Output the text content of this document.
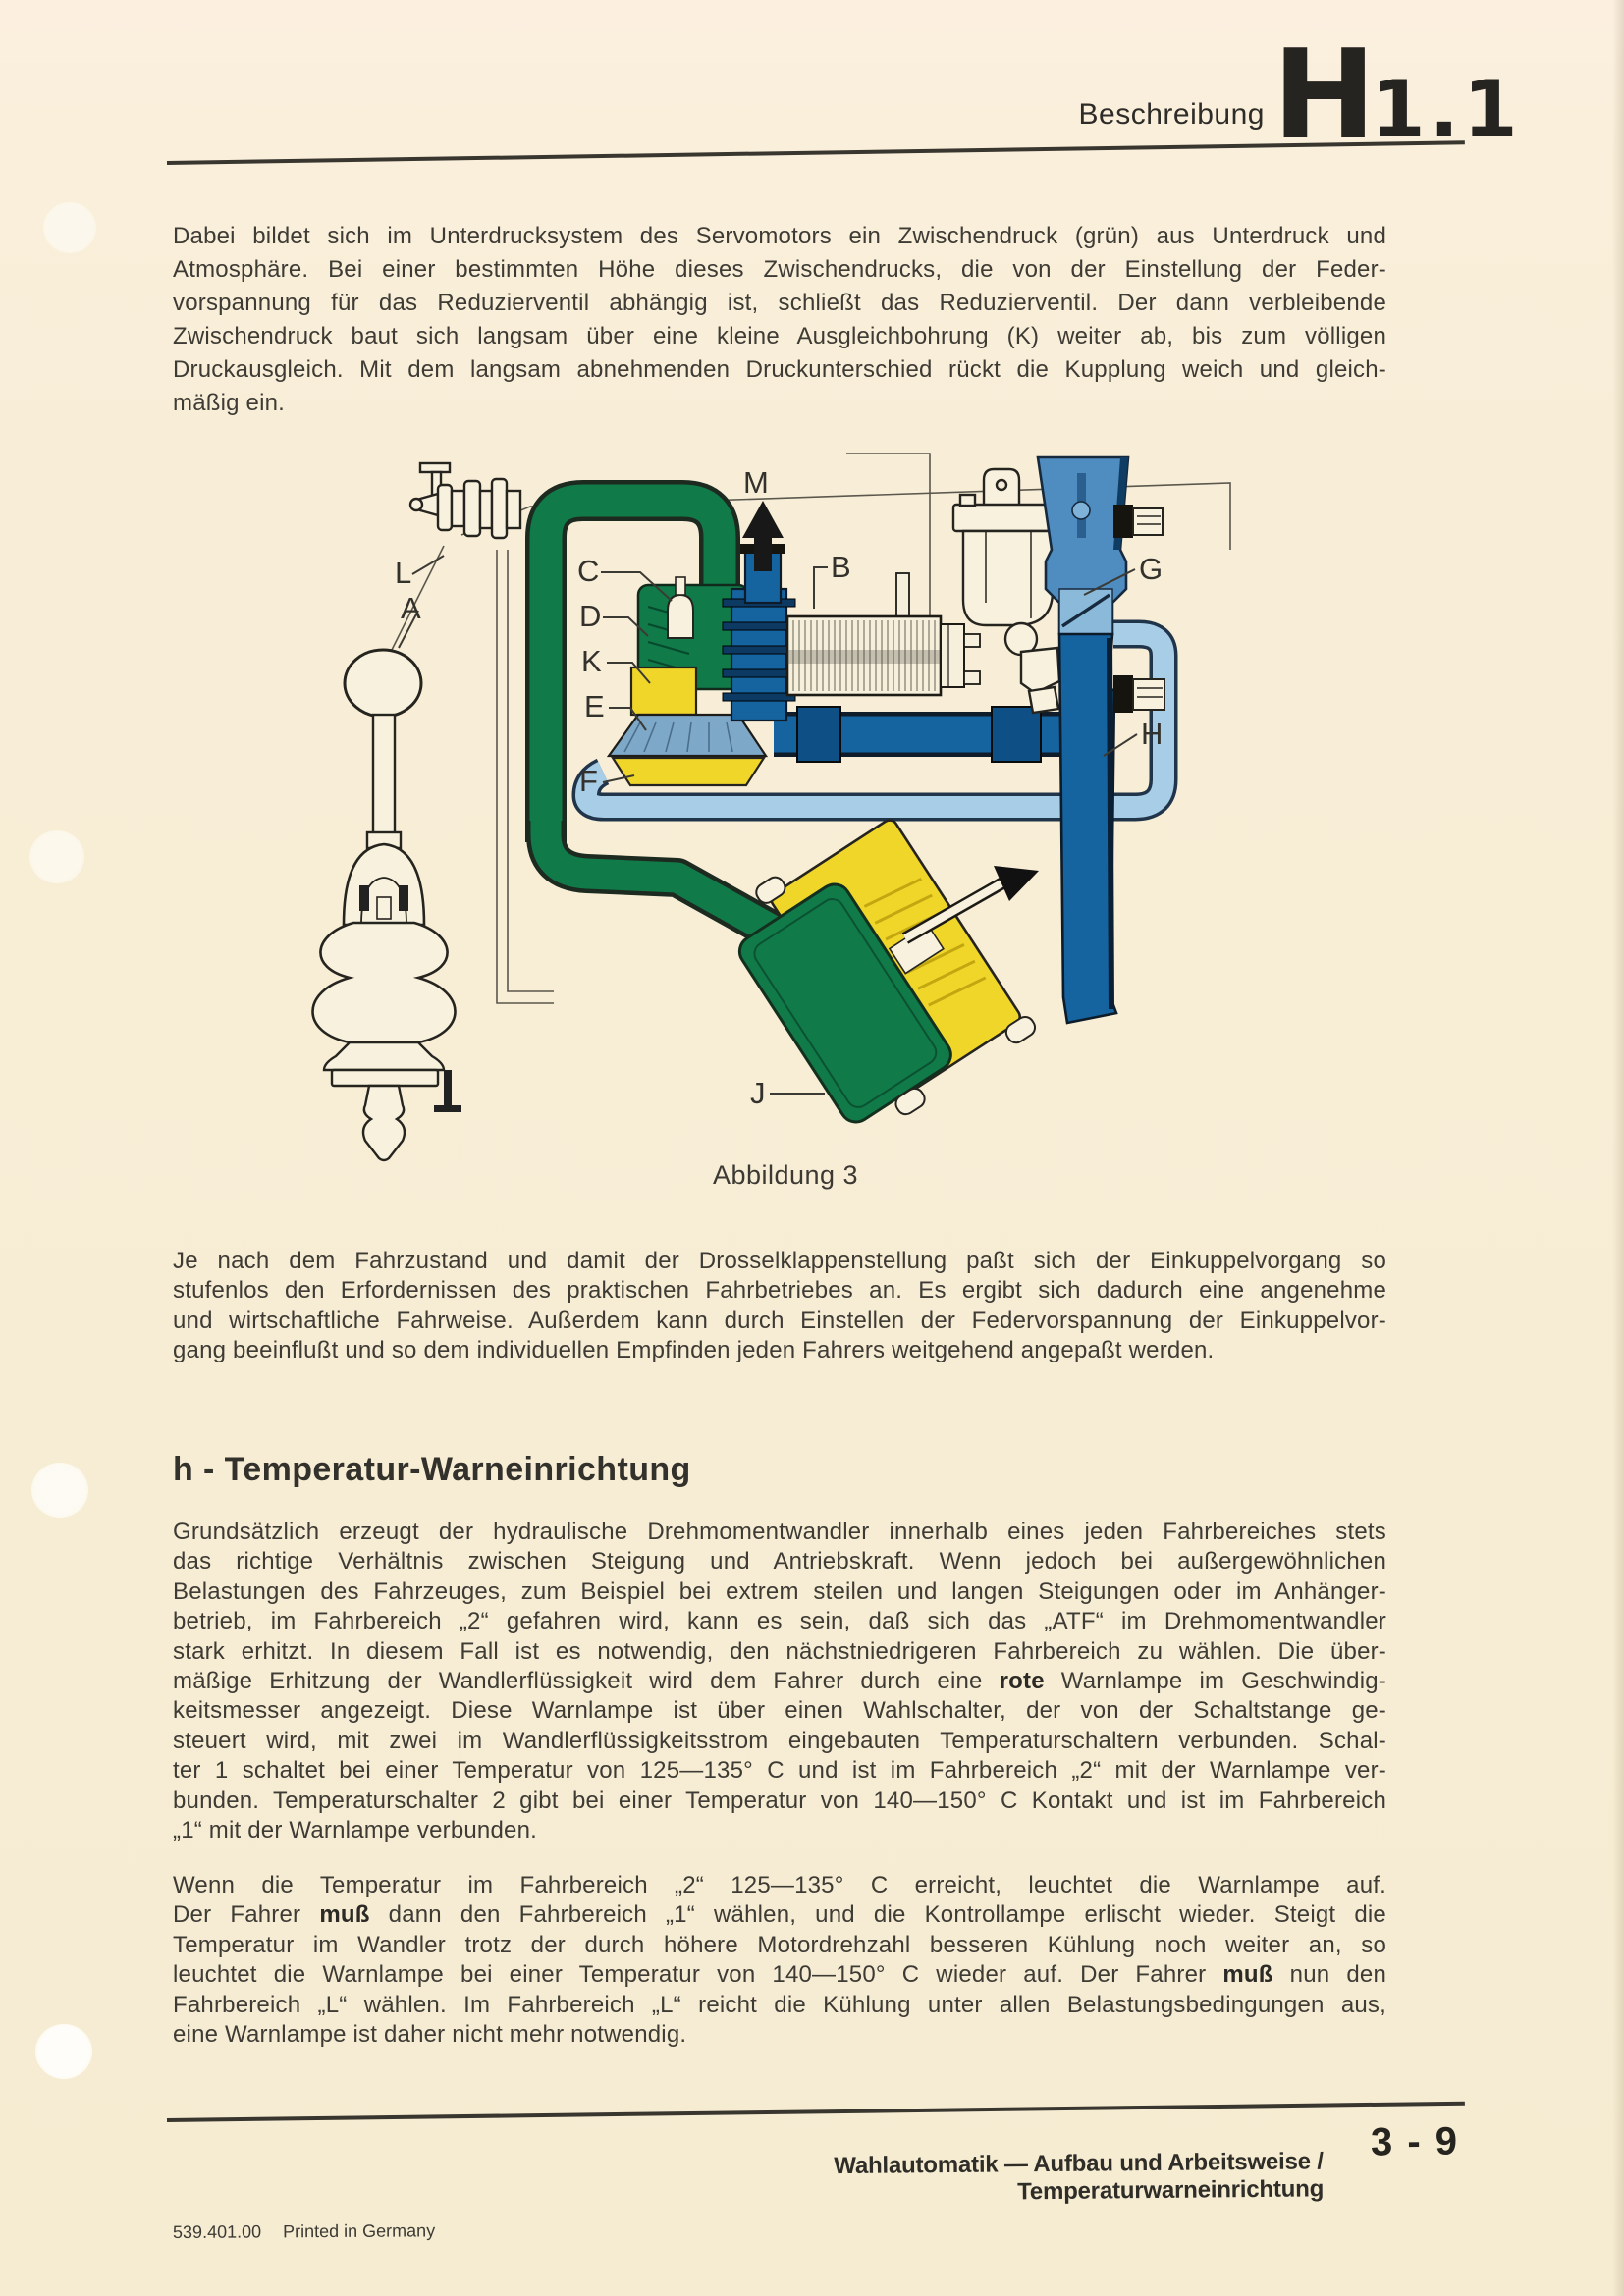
Beschreibung H
1.1
Dabei bildet sich im Unterdrucksystem des Servomotors ein Zwischendruck (grün) aus Unterdruck und
Atmosphäre. Bei einer bestimmten Höhe dieses Zwischendrucks, die von der Einstellung der Feder-
vorspannung für das Reduzierventil abhängig ist, schließt das Reduzierventil. Der dann verbleibende
Zwischendruck baut sich langsam über eine kleine Ausgleichbohrung (K) weiter ab, bis zum völligen
Druckausgleich. Mit dem langsam abnehmenden Druckunterschied rückt die Kupplung weich und gleich-
mäßig ein.
L
A
C
D
K
E
F
M
B	G
H
J
Abbildung 3
Je nach dem Fahrzustand und damit der Drosselklappenstellung paßt sich der Einkuppelvorgang so
stufenlos den Erfordernissen des praktischen Fahrbetriebes an. Es ergibt sich dadurch eine angenehme
und wirtschaftliche Fahrweise. Außerdem kann durch Einstellen der Federvorspannung der Einkuppelvor-
gang beeinflußt und so dem individuellen Empfinden jeden Fahrers weitgehend angepaßt werden.
h - Temperatur-Warneinrichtung
Grundsätzlich erzeugt der hydraulische Drehmomentwandler innerhalb eines jeden Fahrbereiches stets
das richtige Verhältnis zwischen Steigung und Antriebskraft. Wenn jedoch bei außergewöhnlichen
Belastungen des Fahrzeuges, zum Beispiel bei extrem steilen und langen Steigungen oder im Anhänger-
betrieb, im Fahrbereich „2“ gefahren wird, kann es sein, daß sich das „ATF“ im Drehmomentwandler
stark erhitzt. In diesem Fall ist es notwendig, den nächstniedrigeren Fahrbereich zu wählen. Die über-
mäßige Erhitzung der Wandlerflüssigkeit wird dem Fahrer durch eine rote Warnlampe im Geschwindig-
keitsmesser angezeigt. Diese Warnlampe ist über einen Wahlschalter, der von der Schaltstange ge-
steuert wird, mit zwei im Wandlerflüssigkeitsstrom eingebauten Temperaturschaltern verbunden. Schal-
ter 1 schaltet bei einer Temperatur von 125—135° C und ist im Fahrbereich „2“ mit der Warnlampe ver-
bunden. Temperaturschalter 2 gibt bei einer Temperatur von 140—150° C Kontakt und ist im Fahrbereich
„1“ mit der Warnlampe verbunden.
Wenn die Temperatur im Fahrbereich „2“ 125—135° C erreicht, leuchtet die Warnlampe auf.
Der Fahrer muß dann den Fahrbereich „1“ wählen, und die Kontrollampe erlischt wieder. Steigt die
Temperatur im Wandler trotz der durch höhere Motordrehzahl besseren Kühlung noch weiter an, so
leuchtet die Warnlampe bei einer Temperatur von 140—150° C wieder auf. Der Fahrer muß nun den
Fahrbereich „L“ wählen. Im Fahrbereich „L“ reicht die Kühlung unter allen Belastungsbedingungen aus,
eine Warnlampe ist daher nicht mehr notwendig.
Wahlautomatik — Aufbau und Arbeitsweise / Temperaturwarneinrichtung
3 - 9
539.401.00 Printed in Germany
